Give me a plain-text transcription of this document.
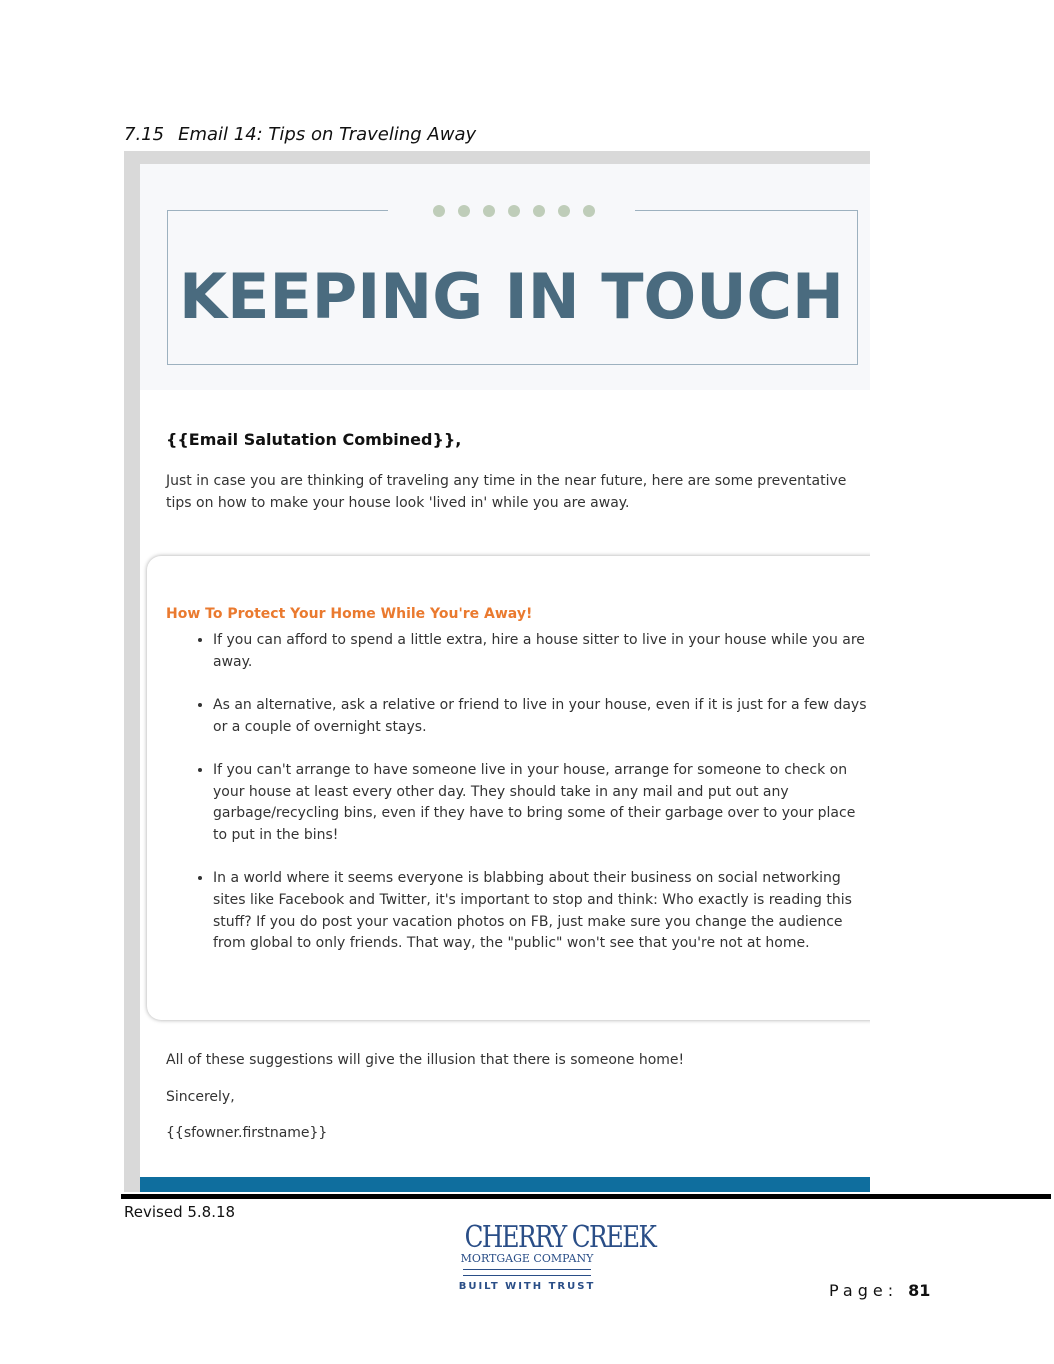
7.15 Email 14: Tips on Traveling Away
KEEPING IN TOUCH
{{Email Salutation Combined}},

Just in case you are thinking of traveling any time in the near future, here are some preventative tips on how to make your house look 'lived in' while you are away.

How To Protect Your Home While You're Away!
• If you can afford to spend a little extra, hire a house sitter to live in your house while you are away.
• As an alternative, ask a relative or friend to live in your house, even if it is just for a few days or a couple of overnight stays.
• If you can't arrange to have someone live in your house, arrange for someone to check on your house at least every other day. They should take in any mail and put out any garbage/recycling bins, even if they have to bring some of their garbage over to your place to put in the bins!
• In a world where it seems everyone is blabbing about their business on social networking sites like Facebook and Twitter, it's important to stop and think: Who exactly is reading this stuff? If you do post your vacation photos on FB, just make sure you change the audience from global to only friends. That way, the "public" won't see that you're not at home.

All of these suggestions will give the illusion that there is someone home!

Sincerely,

{{sfowner.firstname}}

Revised 5.8.18
CHERRY CREEK
MORTGAGE COMPANY
BUILT WITH TRUST	Page: 81
